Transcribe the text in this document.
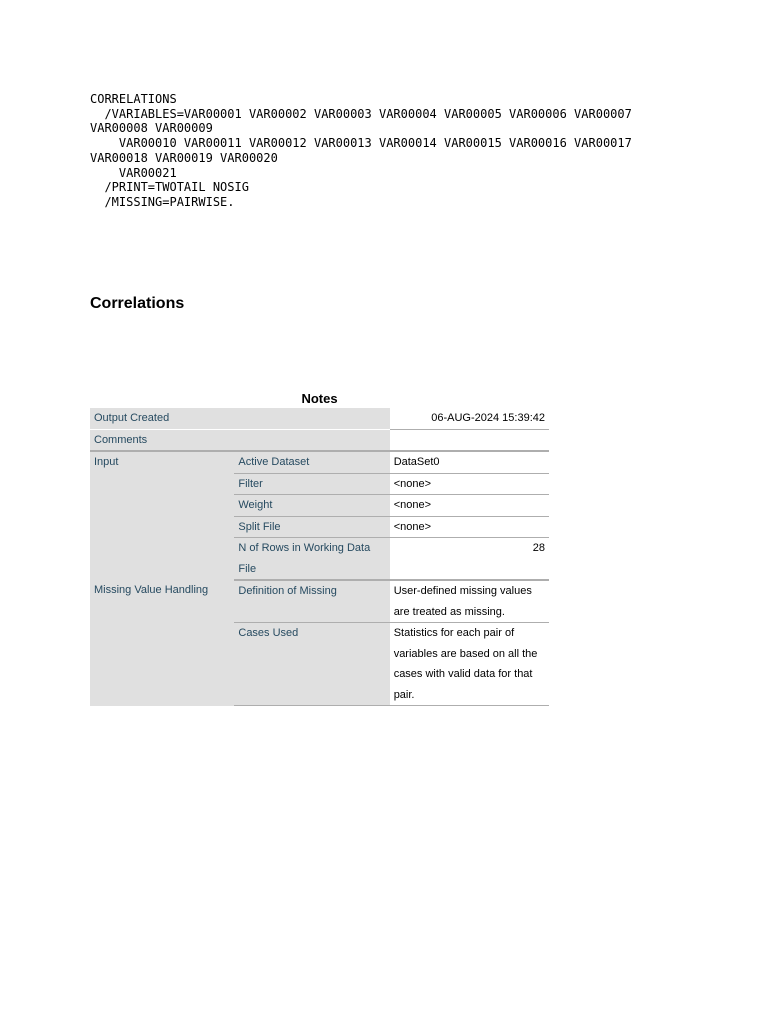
CORRELATIONS
/VARIABLES=VAR00001 VAR00002 VAR00003 VAR00004 VAR00005 VAR00006 VAR00007
VAR00008 VAR00009
VAR00010 VAR00011 VAR00012 VAR00013 VAR00014 VAR00015 VAR00016 VAR00017
VAR00018 VAR00019 VAR00020
VAR00021
/PRINT=TWOTAIL NOSIG
/MISSING=PAIRWISE.
Correlations
Notes
Output Created		06-AUG-2024 15:39:42
Comments		
Input	Active Dataset	DataSet0
	Filter	<none>
	Weight	<none>
	Split File	<none>
	N of Rows in Working Data File	28
Missing Value Handling	Definition of Missing	User-defined missing values are treated as missing.
	Cases Used	Statistics for each pair of variables are based on all the cases with valid data for that pair.
